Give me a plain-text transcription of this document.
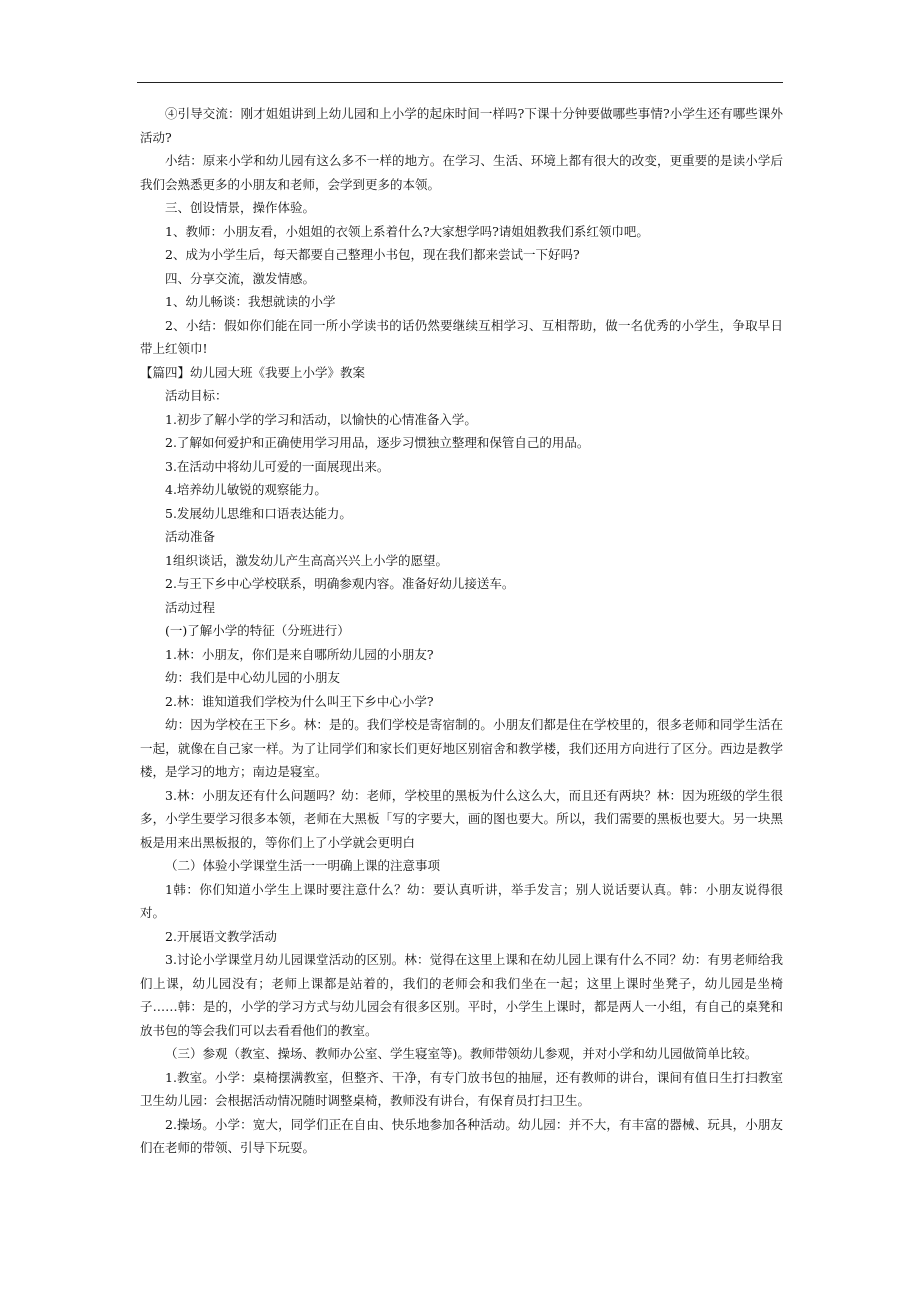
④引导交流：刚才姐姐讲到上幼儿园和上小学的起床时间一样吗?下课十分钟要做哪些事情?小学生还有哪些课外活动?

小结：原来小学和幼儿园有这么多不一样的地方。在学习、生活、环境上都有很大的改变，更重要的是读小学后我们会熟悉更多的小朋友和老师，会学到更多的本领。

三、创设情景，操作体验。

1、教师：小朋友看，小姐姐的衣领上系着什么?大家想学吗?请姐姐教我们系红领巾吧。

2、成为小学生后，每天都要自己整理小书包，现在我们都来尝试一下好吗?

四、分享交流，激发情感。

1、幼儿畅谈：我想就读的小学

2、小结：假如你们能在同一所小学读书的话仍然要继续互相学习、互相帮助，做一名优秀的小学生，争取早日带上红领巾!

【篇四】幼儿园大班《我要上小学》教案

活动目标：

1.初步了解小学的学习和活动，以愉快的心情准备入学。

2.了解如何爱护和正确使用学习用品，逐步习惯独立整理和保管自己的用品。

3.在活动中将幼儿可爱的一面展现出来。

4.培养幼儿敏锐的观察能力。

5.发展幼儿思维和口语表达能力。

活动准备

1组织谈话，激发幼儿产生高高兴兴上小学的愿望。

2.与王下乡中心学校联系，明确参观内容。准备好幼儿接送车。

活动过程

(一)了解小学的特征（分班进行）

1.林：小朋友，你们是来自哪所幼儿园的小朋友?

幼：我们是中心幼儿园的小朋友

2.林：谁知道我们学校为什么叫王下乡中心小学?

幼：因为学校在王下乡。林：是的。我们学校是寄宿制的。小朋友们都是住在学校里的，很多老师和同学生活在一起，就像在自己家一样。为了让同学们和家长们更好地区别宿舍和教学楼，我们还用方向进行了区分。西边是教学楼，是学习的地方；南边是寝室。

3.林：小朋友还有什么问题吗？幼：老师，学校里的黑板为什么这么大，而且还有两块？林：因为班级的学生很多，小学生要学习很多本领，老师在大黑板「写的字要大，画的图也要大。所以，我们需要的黑板也要大。另一块黑板是用来出黑板报的，等你们上了小学就会更明白

（二）体验小学课堂生活一一明确上课的注意事项

1韩：你们知道小学生上课时要注意什么？幼：要认真听讲，举手发言；别人说话要认真。韩：小朋友说得很对。

2.开展语文教学活动

3.讨论小学课堂月幼儿园课堂活动的区别。林：觉得在这里上课和在幼儿园上课有什么不同？幼：有男老师给我们上课，幼儿园没有；老师上课都是站着的，我们的老师会和我们坐在一起；这里上课时坐凳子，幼儿园是坐椅子……韩：是的，小学的学习方式与幼儿园会有很多区别。平时，小学生上课时，都是两人一小组，有自己的桌凳和放书包的等会我们可以去看看他们的教室。

（三）参观（教室、操场、教师办公室、学生寝室等)。教师带领幼儿参观，并对小学和幼儿园做简单比较。

1.教室。小学：桌椅摆满教室，但整齐、干净，有专门放书包的抽屉，还有教师的讲台，课间有值日生打扫教室卫生幼儿园：会根据活动情况随时调整桌椅，教师没有讲台，有保育员打扫卫生。

2.操场。小学：宽大，同学们正在自由、快乐地参加各种活动。幼儿园：并不大，有丰富的器械、玩具，小朋友们在老师的带领、引导下玩耍。
